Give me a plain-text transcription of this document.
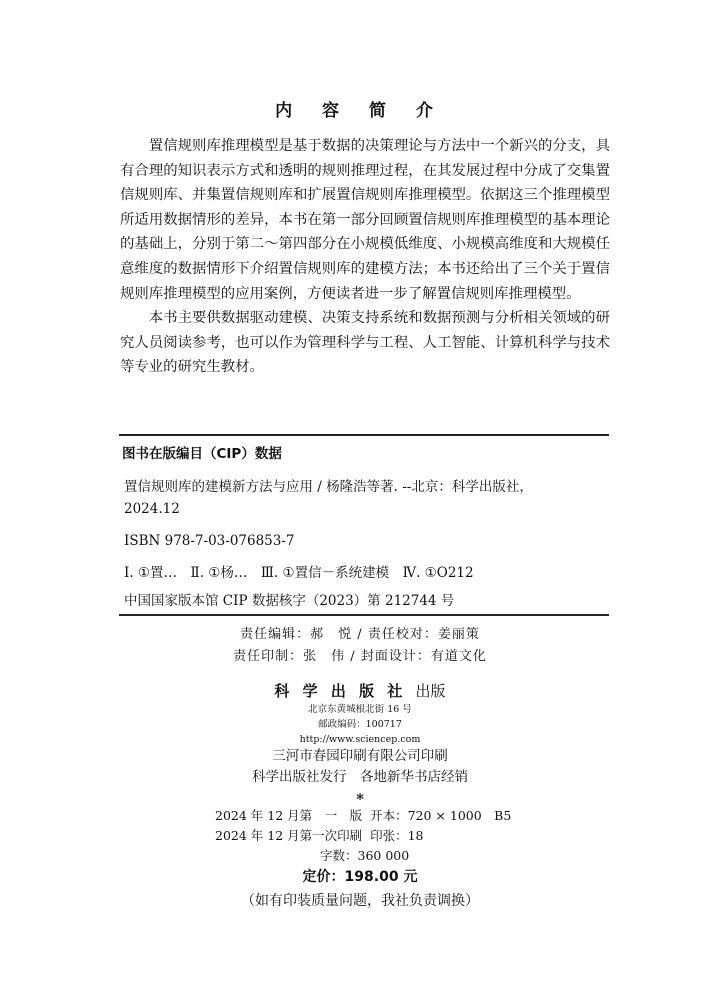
内 容 简 介

置信规则库推理模型是基于数据的决策理论与方法中一个新兴的分支，具有合理的知识表示方式和透明的规则推理过程，在其发展过程中分成了交集置信规则库、并集置信规则库和扩展置信规则库推理模型。依据这三个推理模型所适用数据情形的差异，本书在第一部分回顾置信规则库推理模型的基本理论的基础上，分别于第二～第四部分在小规模低维度、小规模高维度和大规模任意维度的数据情形下介绍置信规则库的建模方法；本书还给出了三个关于置信规则库推理模型的应用案例，方便读者进一步了解置信规则库推理模型。

本书主要供数据驱动建模、决策支持系统和数据预测与分析相关领域的研究人员阅读参考，也可以作为管理科学与工程、人工智能、计算机科学与技术等专业的研究生教材。

图书在版编目（CIP）数据
置信规则库的建模新方法与应用 / 杨隆浩等著. --北京：科学出版社，
2024.12
ISBN 978-7-03-076853-7
Ⅰ. ①置…　Ⅱ. ①杨…　Ⅲ. ①置信－系统建模　Ⅳ. ①O212
中国国家版本馆 CIP 数据核字（2023）第 212744 号
责任编辑：郝　悦 / 责任校对：姜丽策
责任印制：张　伟 / 封面设计：有道文化
科 学 出 版 社 出版
北京东黄城根北街 16 号
邮政编码：100717
http://www.sciencep.com
三河市春园印刷有限公司印刷
科学出版社发行　各地新华书店经销
*
2024 年 12 月第　一　版  开本：720 × 1000　B5
2024 年 12 月第一次印刷  印张：18
字数：360 000
定价：198.00 元
（如有印装质量问题，我社负责调换）
